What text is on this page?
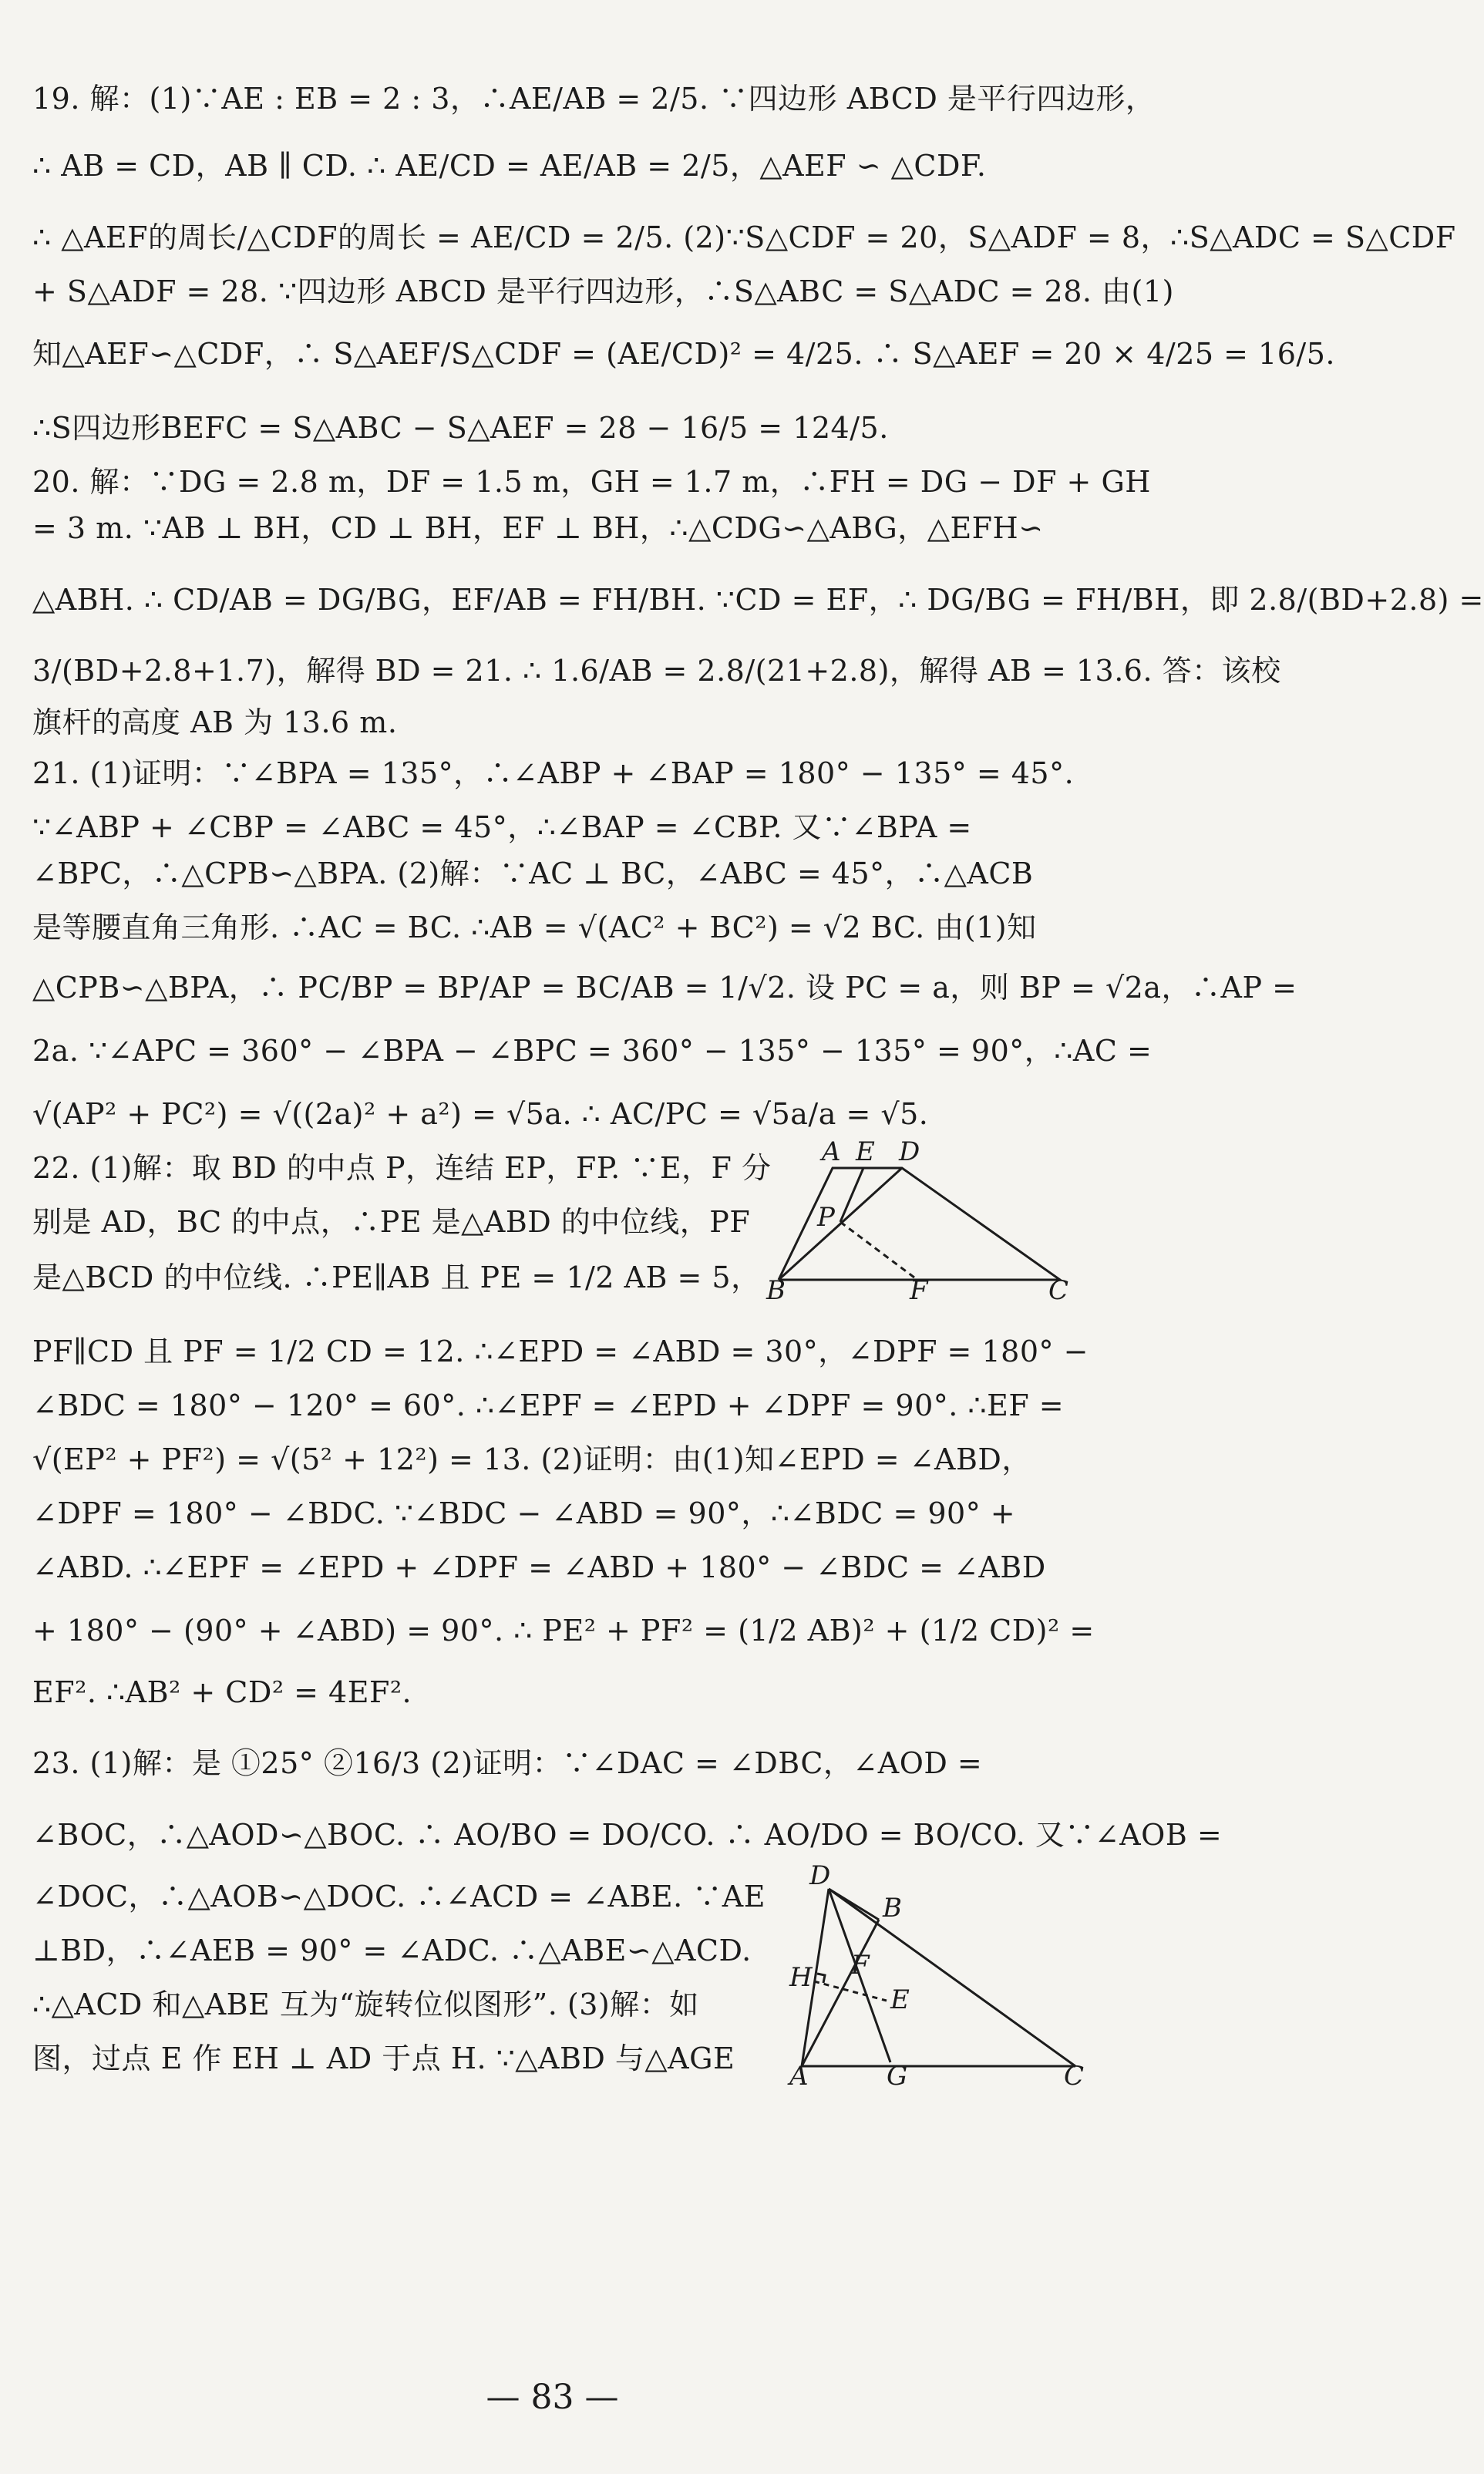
19. 解：(1)∵AE : EB = 2 : 3，∴AE/AB = 2/5. ∵四边形 ABCD 是平行四边形，
∴ AB = CD，AB ∥ CD. ∴ AE/CD = AE/AB = 2/5，△AEF ∽ △CDF.
∴ △AEF的周长/△CDF的周长 = AE/CD = 2/5. (2)∵S△CDF = 20，S△ADF = 8，∴S△ADC = S△CDF
+ S△ADF = 28. ∵四边形 ABCD 是平行四边形，∴S△ABC = S△ADC = 28. 由(1)
知△AEF∽△CDF，∴ S△AEF/S△CDF = (AE/CD)² = 4/25. ∴ S△AEF = 20 × 4/25 = 16/5.
∴S四边形BEFC = S△ABC − S△AEF = 28 − 16/5 = 124/5.
20. 解：∵DG = 2.8 m，DF = 1.5 m，GH = 1.7 m，∴FH = DG − DF + GH
= 3 m. ∵AB ⊥ BH，CD ⊥ BH，EF ⊥ BH，∴△CDG∽△ABG，△EFH∽
△ABH. ∴ CD/AB = DG/BG，EF/AB = FH/BH. ∵CD = EF，∴ DG/BG = FH/BH，即 2.8/(BD+2.8) =
3/(BD+2.8+1.7)，解得 BD = 21. ∴ 1.6/AB = 2.8/(21+2.8)，解得 AB = 13.6. 答：该校
旗杆的高度 AB 为 13.6 m.
21. (1)证明：∵∠BPA = 135°，∴∠ABP + ∠BAP = 180° − 135° = 45°.
∵∠ABP + ∠CBP = ∠ABC = 45°，∴∠BAP = ∠CBP. 又∵∠BPA =
∠BPC，∴△CPB∽△BPA. (2)解：∵AC ⊥ BC，∠ABC = 45°，∴△ACB
是等腰直角三角形. ∴AC = BC. ∴AB = √(AC² + BC²) = √2 BC. 由(1)知
△CPB∽△BPA，∴ PC/BP = BP/AP = BC/AB = 1/√2. 设 PC = a，则 BP = √2a，∴AP =
2a. ∵∠APC = 360° − ∠BPA − ∠BPC = 360° − 135° − 135° = 90°，∴AC =
√(AP² + PC²) = √((2a)² + a²) = √5a. ∴ AC/PC = √5a/a = √5.
22. (1)解：取 BD 的中点 P，连结 EP，FP. ∵E，F 分
别是 AD，BC 的中点，∴PE 是△ABD 的中位线，PF
是△BCD 的中位线. ∴PE∥AB 且 PE = 1/2 AB = 5，
A E D
P
B	F	C
PF∥CD 且 PF = 1/2 CD = 12. ∴∠EPD = ∠ABD = 30°，∠DPF = 180° −
∠BDC = 180° − 120° = 60°. ∴∠EPF = ∠EPD + ∠DPF = 90°. ∴EF =
√(EP² + PF²) = √(5² + 12²) = 13. (2)证明：由(1)知∠EPD = ∠ABD，
∠DPF = 180° − ∠BDC. ∵∠BDC − ∠ABD = 90°，∴∠BDC = 90° +
∠ABD. ∴∠EPF = ∠EPD + ∠DPF = ∠ABD + 180° − ∠BDC = ∠ABD
+ 180° − (90° + ∠ABD) = 90°. ∴ PE² + PF² = (1/2 AB)² + (1/2 CD)² =
EF². ∴AB² + CD² = 4EF².
23. (1)解：是 ①25° ②16/3 (2)证明：∵∠DAC = ∠DBC，∠AOD =
∠BOC，∴△AOD∽△BOC. ∴ AO/BO = DO/CO. ∴ AO/DO = BO/CO. 又∵∠AOB =
∠DOC，∴△AOB∽△DOC. ∴∠ACD = ∠ABE. ∵AE
⊥BD，∴∠AEB = 90° = ∠ADC. ∴△ABE∽△ACD.
∴△ACD 和△ABE 互为“旋转位似图形”. (3)解：如
图，过点 E 作 EH ⊥ AD 于点 H. ∵△ABD 与△AGE
D
B
H F
E
A	G	C
— 83 —
